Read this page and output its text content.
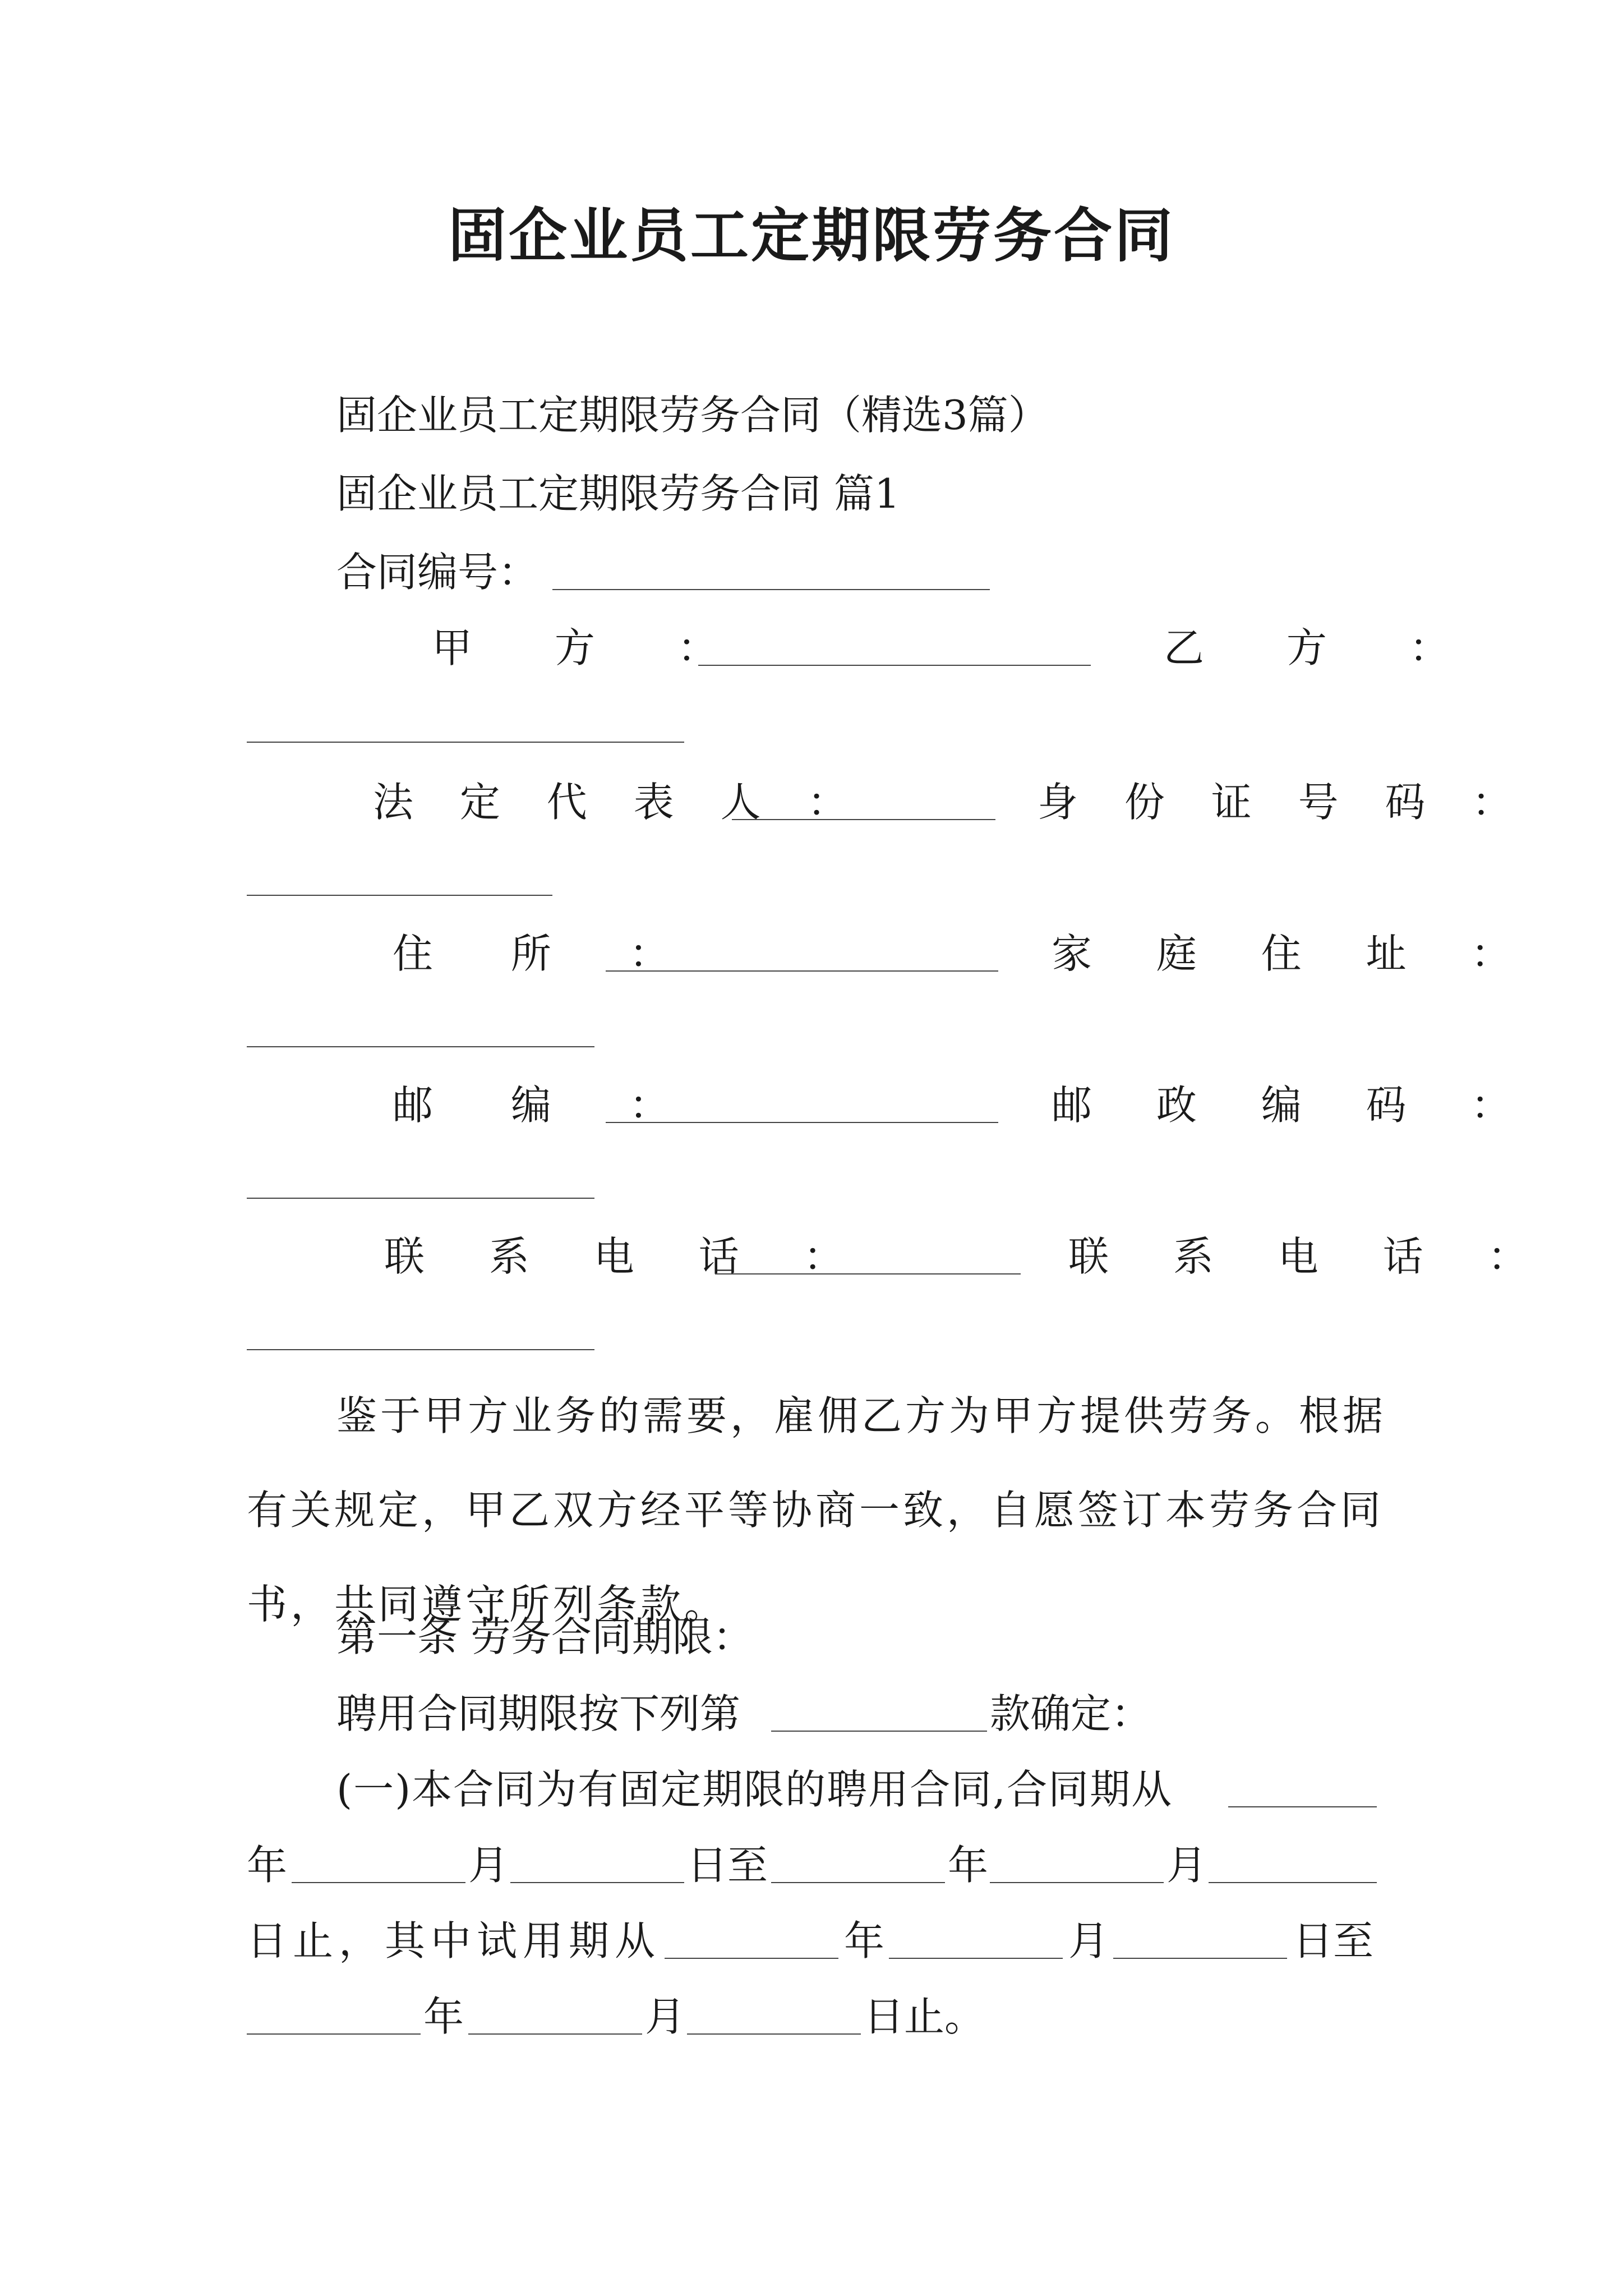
固企业员工定期限劳务合同
固企业员工定期限劳务合同（精选3篇）
固企业员工定期限劳务合同 篇1
合同编号：
甲 方 ：	乙 方 ：
法 定 代 表 人 ：	身 份 证 号 码 ：
住 所 ：	家 庭 住 址 ：
邮 编 ：	邮 政 编 码 ：
联 系 电 话 ：	联 系 电 话 ：
鉴于甲方业务的需要，雇佣乙方为甲方提供劳务。根据有关规定，甲乙双方经平等协商一致，自愿签订本劳务合同书，共同遵守所列条款。
第一条 劳务合同期限：
聘用合同期限按下列第	款确定：
(一)本合同为有固定期限的聘用合同,合同期从
年	月	日至	年	月
日止，其中试用期从	年	月	日至
年	月	日止。
